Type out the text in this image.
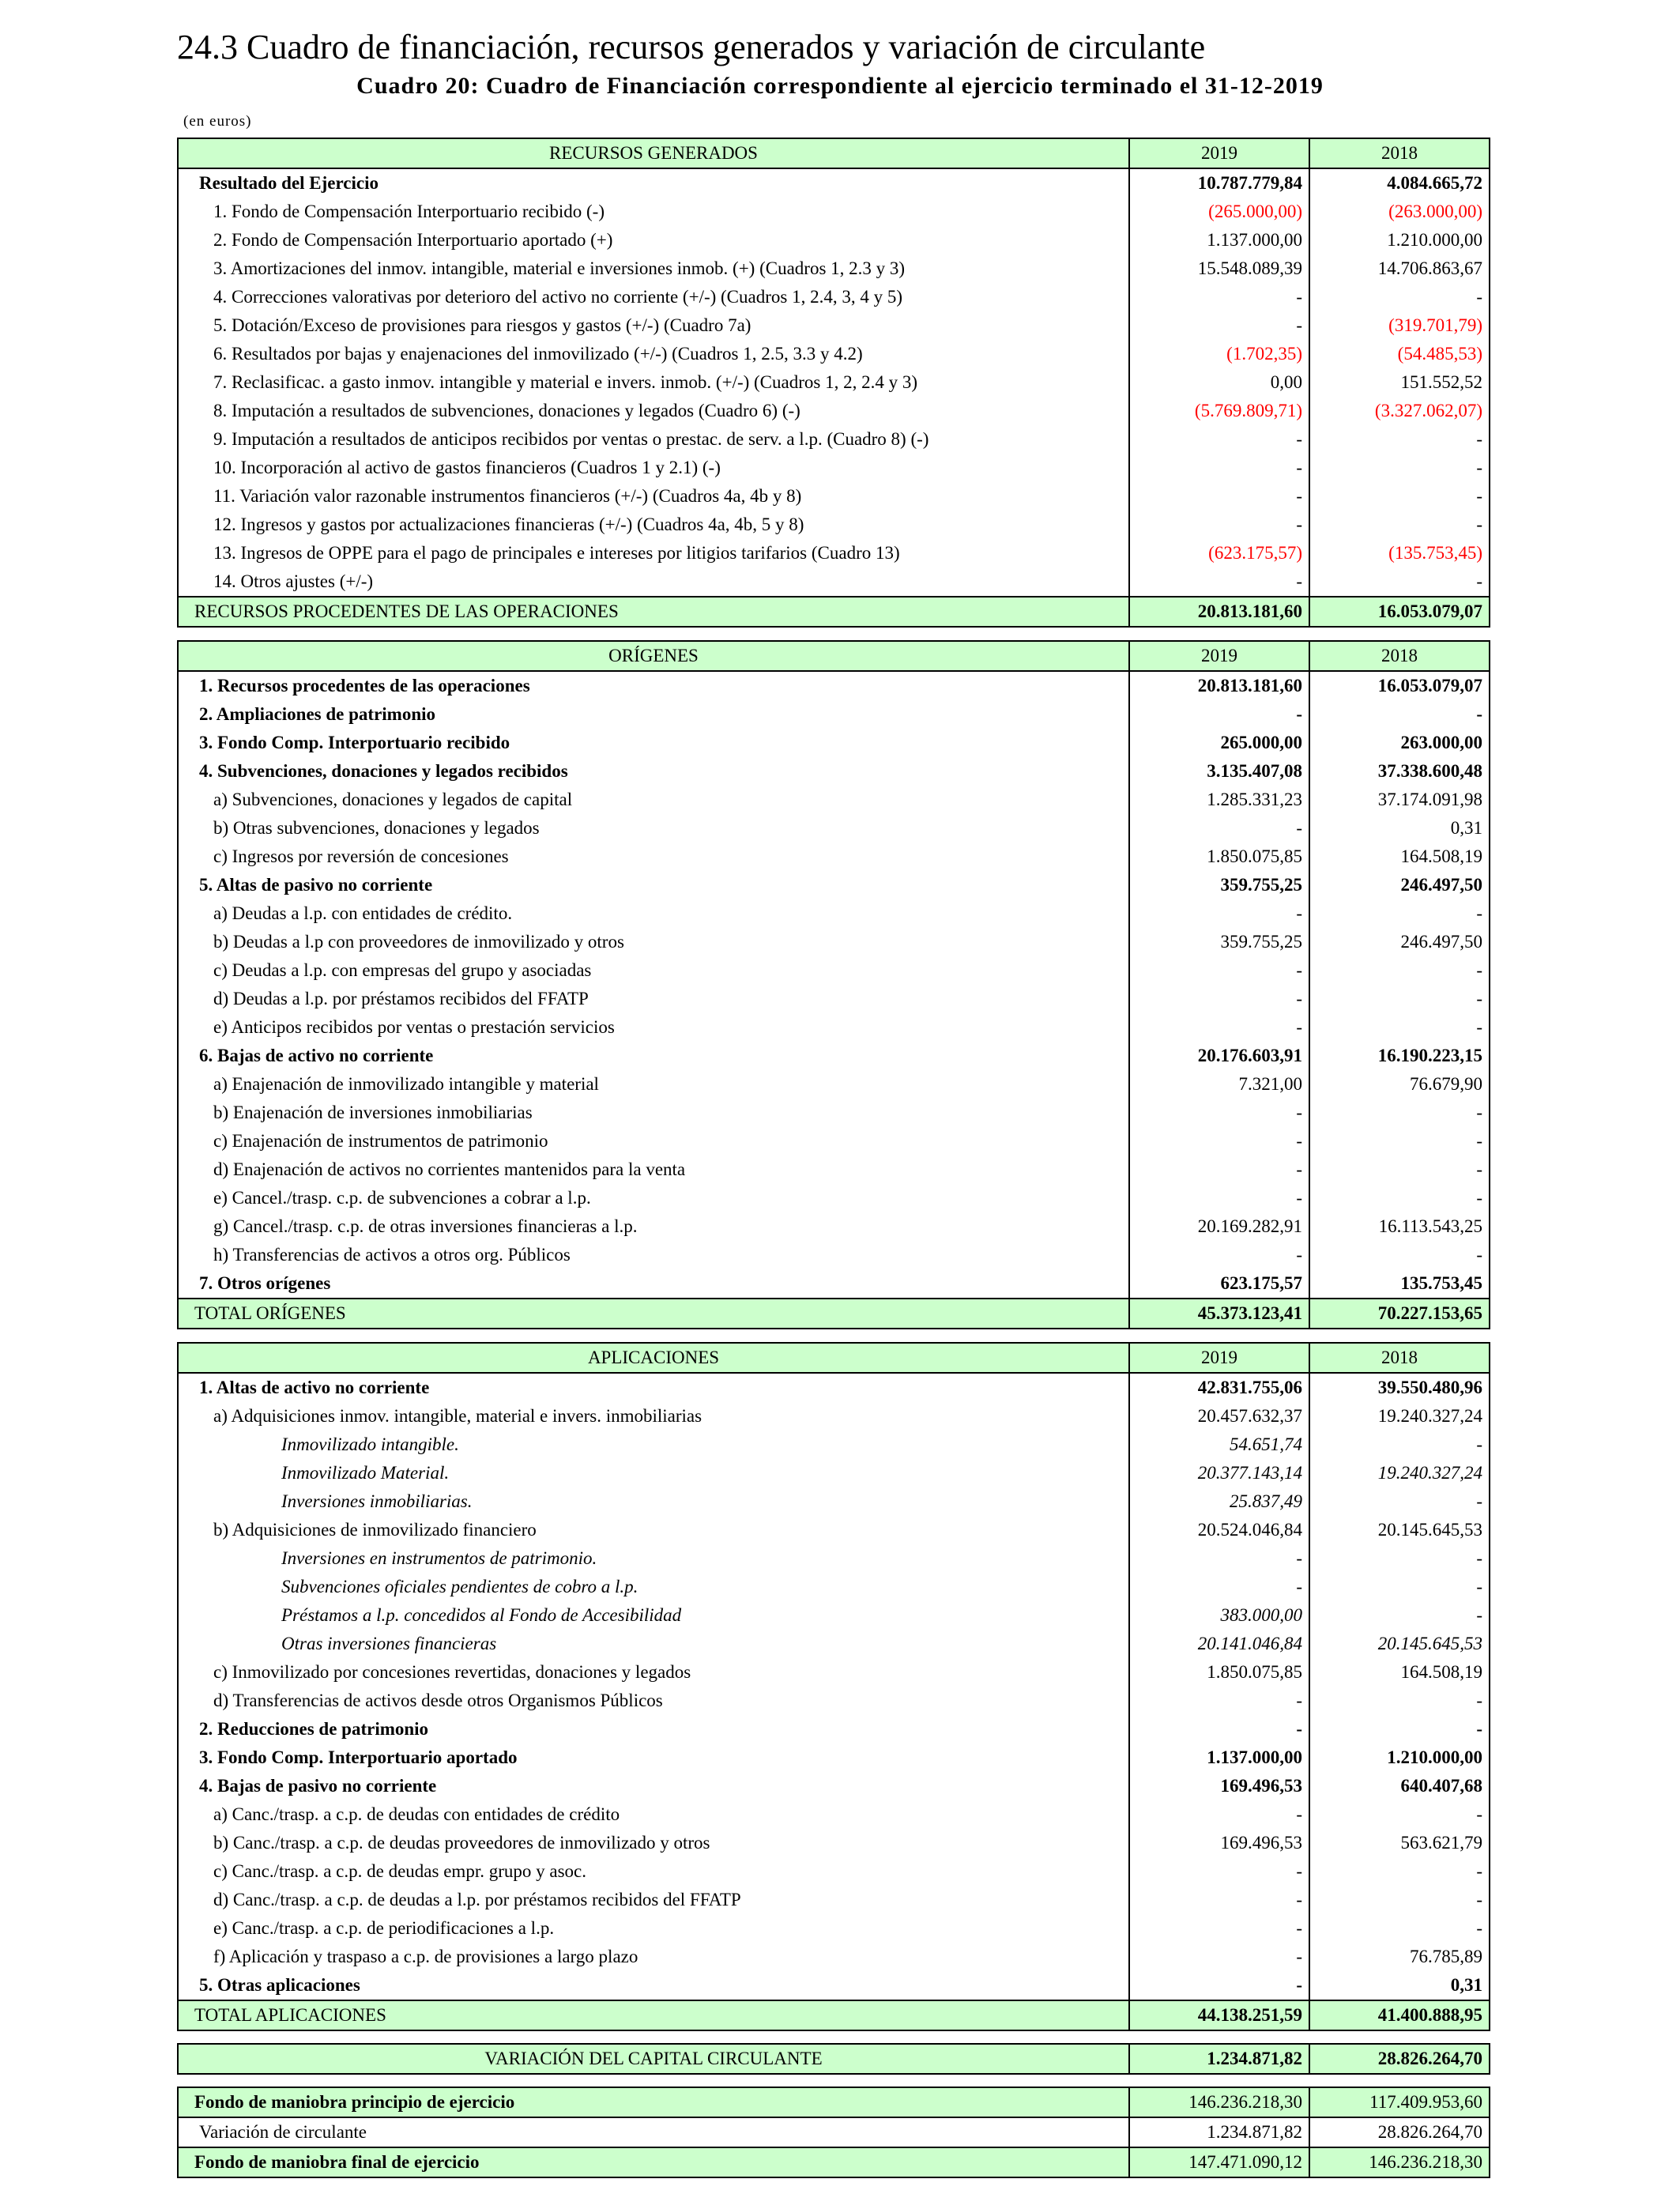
24.3 Cuadro de financiación, recursos generados y variación de circulante
Cuadro 20: Cuadro de Financiación correspondiente al ejercicio terminado el 31-12-2019
(en euros)
RECURSOS GENERADOS	2019	2018
Resultado del Ejercicio	10.787.779,84	4.084.665,72
1. Fondo de Compensación Interportuario recibido (-)	(265.000,00)	(263.000,00)
2. Fondo de Compensación Interportuario aportado (+)	1.137.000,00	1.210.000,00
3. Amortizaciones del inmov. intangible, material e inversiones inmob. (+) (Cuadros 1, 2.3 y 3)	15.548.089,39	14.706.863,67
4. Correcciones valorativas por deterioro del activo no corriente (+/-) (Cuadros 1, 2.4, 3, 4 y 5)	-	-
5. Dotación/Exceso de provisiones para riesgos y gastos (+/-) (Cuadro 7a)	-	(319.701,79)
6. Resultados por bajas y enajenaciones del inmovilizado (+/-) (Cuadros 1, 2.5, 3.3 y 4.2)	(1.702,35)	(54.485,53)
7. Reclasificac. a gasto inmov. intangible y material e invers. inmob. (+/-) (Cuadros 1, 2, 2.4 y 3)	0,00	151.552,52
8. Imputación a resultados de subvenciones, donaciones y legados (Cuadro 6) (-)	(5.769.809,71)	(3.327.062,07)
9. Imputación a resultados de anticipos recibidos por ventas o prestac. de serv. a l.p. (Cuadro 8) (-)	-	-
10. Incorporación al activo de gastos financieros (Cuadros 1 y 2.1) (-)	-	-
11. Variación valor razonable instrumentos financieros (+/-) (Cuadros 4a, 4b y 8)	-	-
12. Ingresos y gastos por actualizaciones financieras (+/-) (Cuadros 4a, 4b, 5 y 8)	-	-
13. Ingresos de OPPE para el pago de principales e intereses por litigios tarifarios (Cuadro 13)	(623.175,57)	(135.753,45)
14. Otros ajustes (+/-)	-	-
RECURSOS PROCEDENTES DE LAS OPERACIONES	20.813.181,60	16.053.079,07
ORÍGENES	2019	2018
1. Recursos procedentes de las operaciones	20.813.181,60	16.053.079,07
2. Ampliaciones de patrimonio	-	-
3. Fondo Comp. Interportuario recibido	265.000,00	263.000,00
4. Subvenciones, donaciones y legados recibidos	3.135.407,08	37.338.600,48
a) Subvenciones, donaciones y legados de capital	1.285.331,23	37.174.091,98
b) Otras subvenciones, donaciones y legados	-	0,31
c) Ingresos por reversión de concesiones	1.850.075,85	164.508,19
5. Altas de pasivo no corriente	359.755,25	246.497,50
a) Deudas a l.p. con entidades de crédito.	-	-
b) Deudas a l.p con proveedores de inmovilizado y otros	359.755,25	246.497,50
c) Deudas a l.p. con empresas del grupo y asociadas	-	-
d) Deudas a l.p. por préstamos recibidos del FFATP	-	-
e) Anticipos recibidos por ventas o prestación servicios	-	-
6. Bajas de activo no corriente	20.176.603,91	16.190.223,15
a) Enajenación de inmovilizado intangible y material	7.321,00	76.679,90
b) Enajenación de inversiones inmobiliarias	-	-
c) Enajenación de instrumentos de patrimonio	-	-
d) Enajenación de activos no corrientes mantenidos para la venta	-	-
e) Cancel./trasp. c.p. de subvenciones a cobrar a l.p.	-	-
g) Cancel./trasp. c.p. de otras inversiones financieras a l.p.	20.169.282,91	16.113.543,25
h) Transferencias de activos a otros org. Públicos	-	-
7. Otros orígenes	623.175,57	135.753,45
TOTAL ORÍGENES	45.373.123,41	70.227.153,65
APLICACIONES	2019	2018
1. Altas de activo no corriente	42.831.755,06	39.550.480,96
a) Adquisiciones inmov. intangible, material e invers. inmobiliarias	20.457.632,37	19.240.327,24
Inmovilizado intangible.	54.651,74	-
Inmovilizado Material.	20.377.143,14	19.240.327,24
Inversiones inmobiliarias.	25.837,49	-
b) Adquisiciones de inmovilizado financiero	20.524.046,84	20.145.645,53
Inversiones en instrumentos de patrimonio.	-	-
Subvenciones oficiales pendientes de cobro a l.p.	-	-
Préstamos a l.p. concedidos al Fondo de Accesibilidad	383.000,00	-
Otras inversiones financieras	20.141.046,84	20.145.645,53
c) Inmovilizado por concesiones revertidas, donaciones y legados	1.850.075,85	164.508,19
d) Transferencias de activos desde otros Organismos Públicos	-	-
2. Reducciones de patrimonio	-	-
3. Fondo Comp. Interportuario aportado	1.137.000,00	1.210.000,00
4. Bajas de pasivo no corriente	169.496,53	640.407,68
a) Canc./trasp. a c.p. de deudas con entidades de crédito	-	-
b) Canc./trasp. a c.p. de deudas proveedores de inmovilizado y otros	169.496,53	563.621,79
c) Canc./trasp. a c.p. de deudas empr. grupo y asoc.	-	-
d) Canc./trasp. a c.p. de deudas a l.p. por préstamos recibidos del FFATP	-	-
e) Canc./trasp. a c.p. de periodificaciones a l.p.	-	-
f) Aplicación y traspaso a c.p. de provisiones a largo plazo	-	76.785,89
5. Otras aplicaciones	-	0,31
TOTAL APLICACIONES	44.138.251,59	41.400.888,95
VARIACIÓN DEL CAPITAL CIRCULANTE	1.234.871,82	28.826.264,70
Fondo de maniobra principio de ejercicio	146.236.218,30	117.409.953,60
Variación de circulante	1.234.871,82	28.826.264,70
Fondo de maniobra final de ejercicio	147.471.090,12	146.236.218,30
